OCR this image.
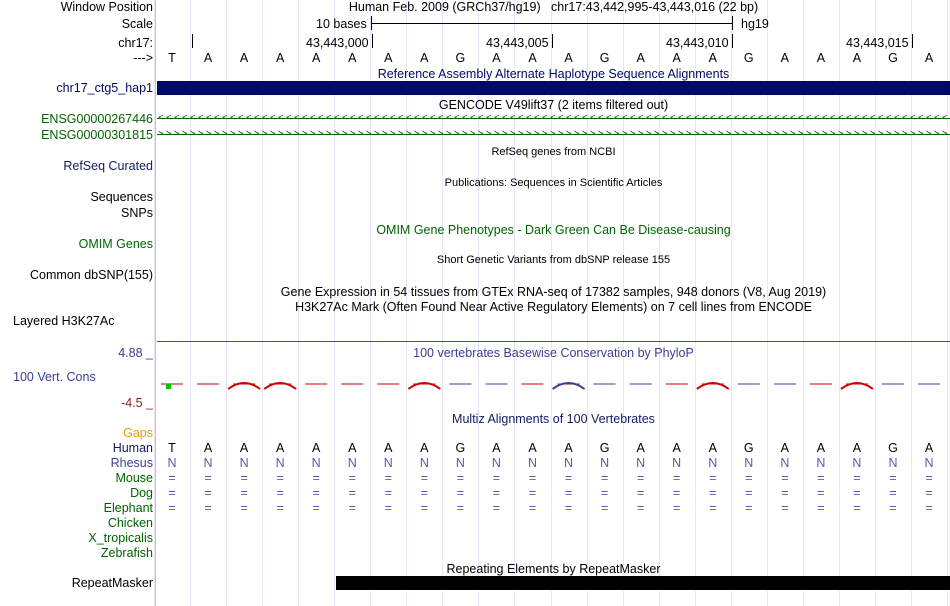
Window Position	Human Feb. 2009 (GRCh37/hg19) chr17:43,442,995-43,443,016 (22 bp)
Scale	10 bases	hg19
chr17:	43,443,000	43,443,005	43,443,010	43,443,015
--->	T	A	A	A	A	A	A	A	G	A	A	A	G	A	A	A	G	A	A	A	G	A
Reference Assembly Alternate Haplotype Sequence Alignments
chr17_ctg5_hap1
GENCODE V49lift37 (2 items filtered out)
ENSG00000267446 < < < < < < < < < < < < < < < < < < < < < < < < < < < < < < < < < < < < < < < < < < < < < < < < < < < < < < < < < < < < < < < < < < < < < < < < < < < < < < < < < < < < < < < < < < < < < < < < < < <
ENSG00000301815 > > > > > > > > > > > > > > > > > > > > > > > > > > > > > > > > > > > > > > > > > > > > > > > > > > > > > > > > > > > > > > > > > > > > > > > > > > > > > > > > > > > > > > > > > > > > > > > > > > >
RefSeq genes from NCBI
RefSeq Curated
Publications: Sequences in Scientific Articles
Sequences
SNPs
OMIM Gene Phenotypes - Dark Green Can Be Disease-causing
OMIM Genes
Short Genetic Variants from dbSNP release 155
Common dbSNP(155)
Gene Expression in 54 tissues from GTEx RNA-seq of 17382 samples, 948 donors (V8, Aug 2019)
H3K27Ac Mark (Often Found Near Active Regulatory Elements) on 7 cell lines from ENCODE
Layered H3K27Ac
100 vertebrates Basewise Conservation by PhyloP
4.88 _
100 Vert. Cons
-4.5 _
Multiz Alignments of 100 Vertebrates
Gaps
Human	T	A	A	A	A	A	A	A	G	A	A	A	G	A	A	A	G	A	A	A	G	A
Rhesus	N	N	N	N	N	N	N	N	N	N	N	N	N	N	N	N	N	N	N	N	N	N
Mouse	=	=	=	=	=	=	=	=	=	=	=	=	=	=	=	=	=	=	=	=	=	=
Dog	=	=	=	=	=	=	=	=	=	=	=	=	=	=	=	=	=	=	=	=	=	=
Elephant	=	=	=	=	=	=	=	=	=	=	=	=	=	=	=	=	=	=	=	=	=	=
Chicken
X_tropicalis
Zebrafish
Repeating Elements by RepeatMasker
RepeatMasker
